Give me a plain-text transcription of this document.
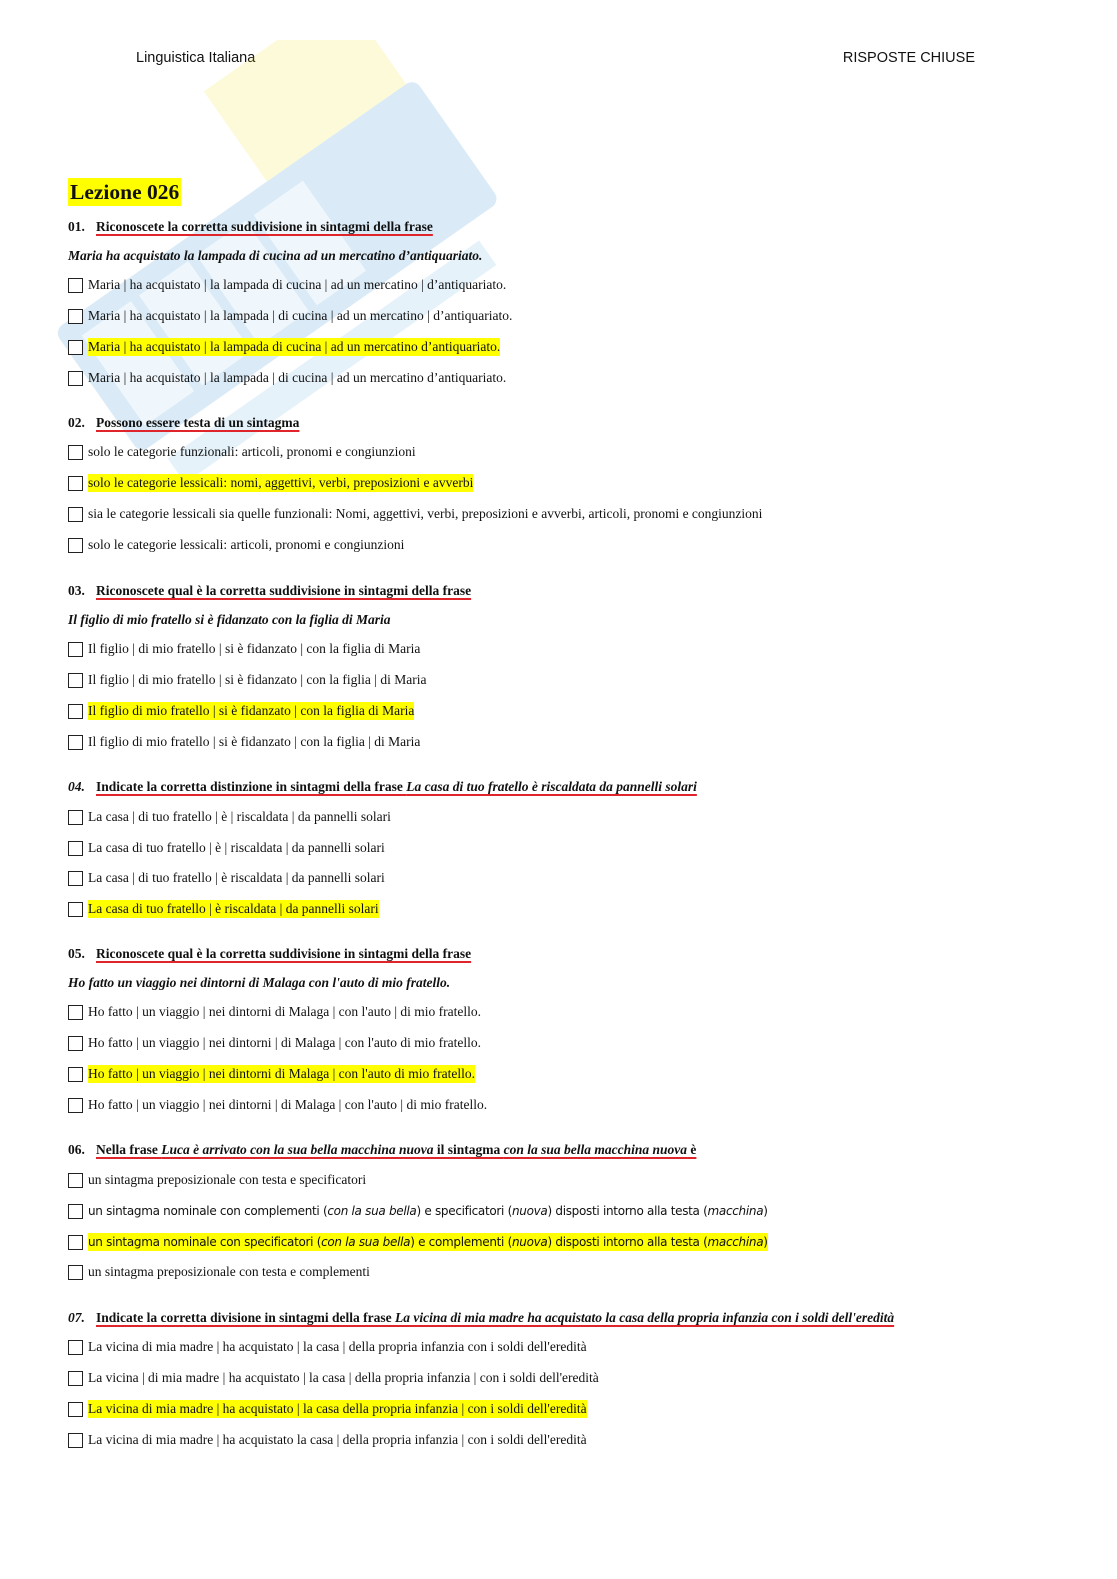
Linguistica Italiana	RISPOSTE CHIUSE
Lezione 026
01. Riconoscete la corretta suddivisione in sintagmi della frase
Maria ha acquistato la lampada di cucina ad un mercatino d’antiquariato.
Maria | ha acquistato | la lampada di cucina | ad un mercatino | d’antiquariato.
Maria | ha acquistato | la lampada | di cucina | ad un mercatino | d’antiquariato.
Maria | ha acquistato | la lampada di cucina | ad un mercatino d’antiquariato.
Maria | ha acquistato | la lampada | di cucina | ad un mercatino d’antiquariato.
02. Possono essere testa di un sintagma
solo le categorie funzionali: articoli, pronomi e congiunzioni
solo le categorie lessicali: nomi, aggettivi, verbi, preposizioni e avverbi
sia le categorie lessicali sia quelle funzionali: Nomi, aggettivi, verbi, preposizioni e avverbi, articoli, pronomi e congiunzioni
solo le categorie lessicali: articoli, pronomi e congiunzioni
03. Riconoscete qual è la corretta suddivisione in sintagmi della frase
Il figlio di mio fratello si è fidanzato con la figlia di Maria
Il figlio | di mio fratello | si è fidanzato | con la figlia di Maria
Il figlio | di mio fratello | si è fidanzato | con la figlia | di Maria
Il figlio di mio fratello | si è fidanzato | con la figlia di Maria
Il figlio di mio fratello | si è fidanzato | con la figlia | di Maria
04. Indicate la corretta distinzione in sintagmi della frase La casa di tuo fratello è riscaldata da pannelli solari
La casa | di tuo fratello | è | riscaldata | da pannelli solari
La casa di tuo fratello | è | riscaldata | da pannelli solari
La casa | di tuo fratello | è riscaldata | da pannelli solari
La casa di tuo fratello | è riscaldata | da pannelli solari
05. Riconoscete qual è la corretta suddivisione in sintagmi della frase
Ho fatto un viaggio nei dintorni di Malaga con l'auto di mio fratello.
Ho fatto | un viaggio | nei dintorni di Malaga | con l'auto | di mio fratello.
Ho fatto | un viaggio | nei dintorni | di Malaga | con l'auto di mio fratello.
Ho fatto | un viaggio | nei dintorni di Malaga | con l'auto di mio fratello.
Ho fatto | un viaggio | nei dintorni | di Malaga | con l'auto | di mio fratello.
06. Nella frase Luca è arrivato con la sua bella macchina nuova il sintagma con la sua bella macchina nuova è
un sintagma preposizionale con testa e specificatori
un sintagma nominale con complementi (con la sua bella) e specificatori (nuova) disposti intorno alla testa (macchina)
un sintagma nominale con specificatori (con la sua bella) e complementi (nuova) disposti intorno alla testa (macchina)
un sintagma preposizionale con testa e complementi
07. Indicate la corretta divisione in sintagmi della frase La vicina di mia madre ha acquistato la casa della propria infanzia con i soldi dell'eredità
La vicina di mia madre | ha acquistato | la casa | della propria infanzia con i soldi dell'eredità
La vicina | di mia madre | ha acquistato | la casa | della propria infanzia | con i soldi dell'eredità
La vicina di mia madre | ha acquistato | la casa della propria infanzia | con i soldi dell'eredità
La vicina di mia madre | ha acquistato la casa | della propria infanzia | con i soldi dell'eredità
